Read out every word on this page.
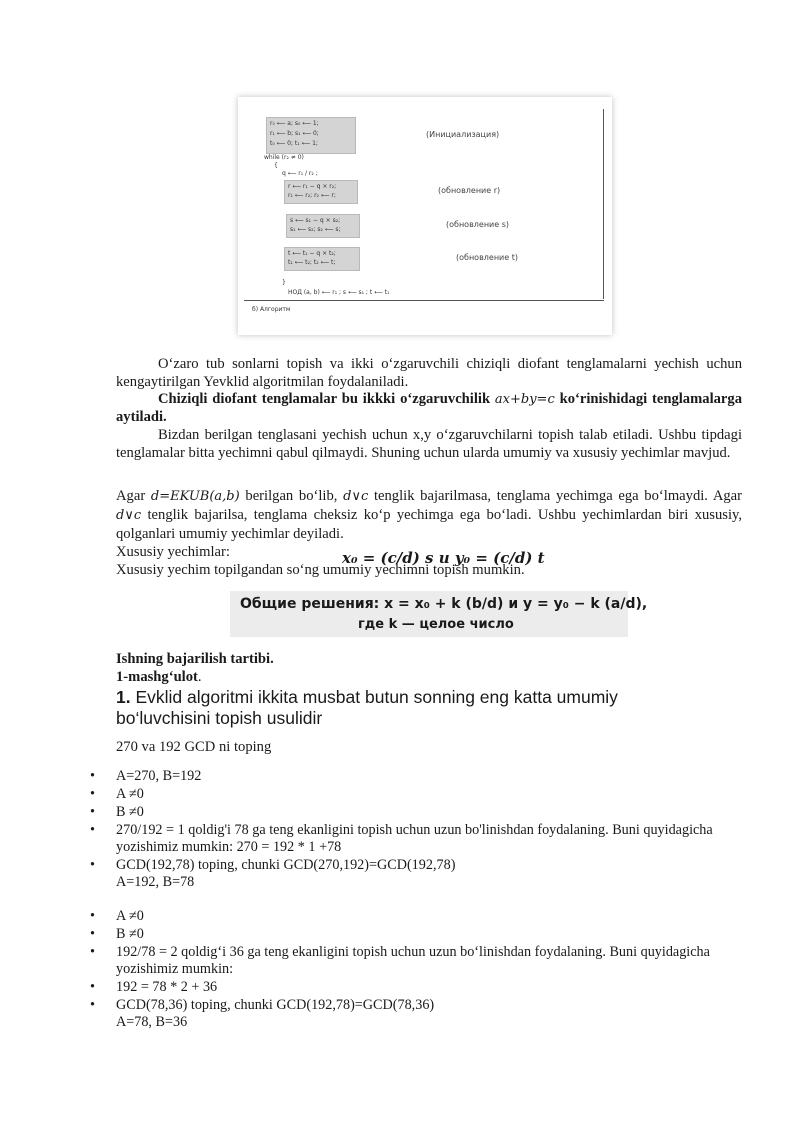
r₀ ⟵ a; s₀ ⟵ 1;
r₁ ⟵ b; s₁ ⟵ 0;
t₀ ⟵ 0; t₁ ⟵ 1;
(Инициализация)
while (r₂ ≠ 0)
{
q ⟵ r₁ / r₂ ;
r ⟵ r₁ − q × r₂;
r₁ ⟵ r₂; r₂ ⟵ r;
(обновление r)
s ⟵ s₁ − q × s₂;
s₁ ⟵ s₂; s₂ ⟵ s;
(обновление s)
t ⟵ t₁ − q × t₂;
t₁ ⟵ t₂; t₂ ⟵ t;
(обновление t)
}
НОД (a, b) ⟵ r₁ ; s ⟵ s₁ ; t ⟵ t₁
б) Алгоритм
O‘zaro tub sonlarni topish va ikki o‘zgaruvchili chiziqli diofant tenglamalarni yechish uchun kengaytirilgan Yevklid algoritmilan foydalaniladi.
Chiziqli diofant tenglamalar bu ikkki o‘zgaruvchilik ax+by=c ko‘rinishidagi tenglamalarga aytiladi.
Bizdan berilgan tenglasani yechish uchun x,y o‘zgaruvchilarni topish talab etiladi. Ushbu tipdagi tenglamalar bitta yechimni qabul qilmaydi. Shuning uchun ularda umumiy va xususiy yechimlar mavjud.
Agar d=EKUB(a,b) berilgan bo‘lib, d∨c tenglik bajarilmasa, tenglama yechimga ega bo‘lmaydi. Agar d∨c tenglik bajarilsa, tenglama cheksiz ko‘p yechimga ega bo‘ladi. Ushbu yechimlardan biri xususiy, qolganlari umumiy yechimlar deyiladi.
Xususiy yechimlar:	x₀ = (c/d) s и y₀ = (c/d) t
Xususiy yechim topilgandan so‘ng umumiy yechimni topish mumkin.
Общие решения: x = x₀ + k (b/d) и y = y₀ − k (a/d),
где k — целое число
Ishning bajarilish tartibi.
1-mashg‘ulot.
1. Evklid algoritmi ikkita musbat butun sonning eng katta umumiy bo‘luvchisini topish usulidir
270 va 192 GCD ni toping
• A=270, B=192
• A ≠0
• B ≠0
• 270/192 = 1 qoldig'i 78 ga teng ekanligini topish uchun uzun bo'linishdan foydalaning. Buni quyidagicha yozishimiz mumkin: 270 = 192 * 1 +78
• GCD(192,78) toping, chunki GCD(270,192)=GCD(192,78)
A=192, B=78
• A ≠0
• B ≠0
• 192/78 = 2 qoldig‘i 36 ga teng ekanligini topish uchun uzun bo‘linishdan foydalaning. Buni quyidagicha yozishimiz mumkin:
• 192 = 78 * 2 + 36
• GCD(78,36) toping, chunki GCD(192,78)=GCD(78,36)
A=78, B=36
